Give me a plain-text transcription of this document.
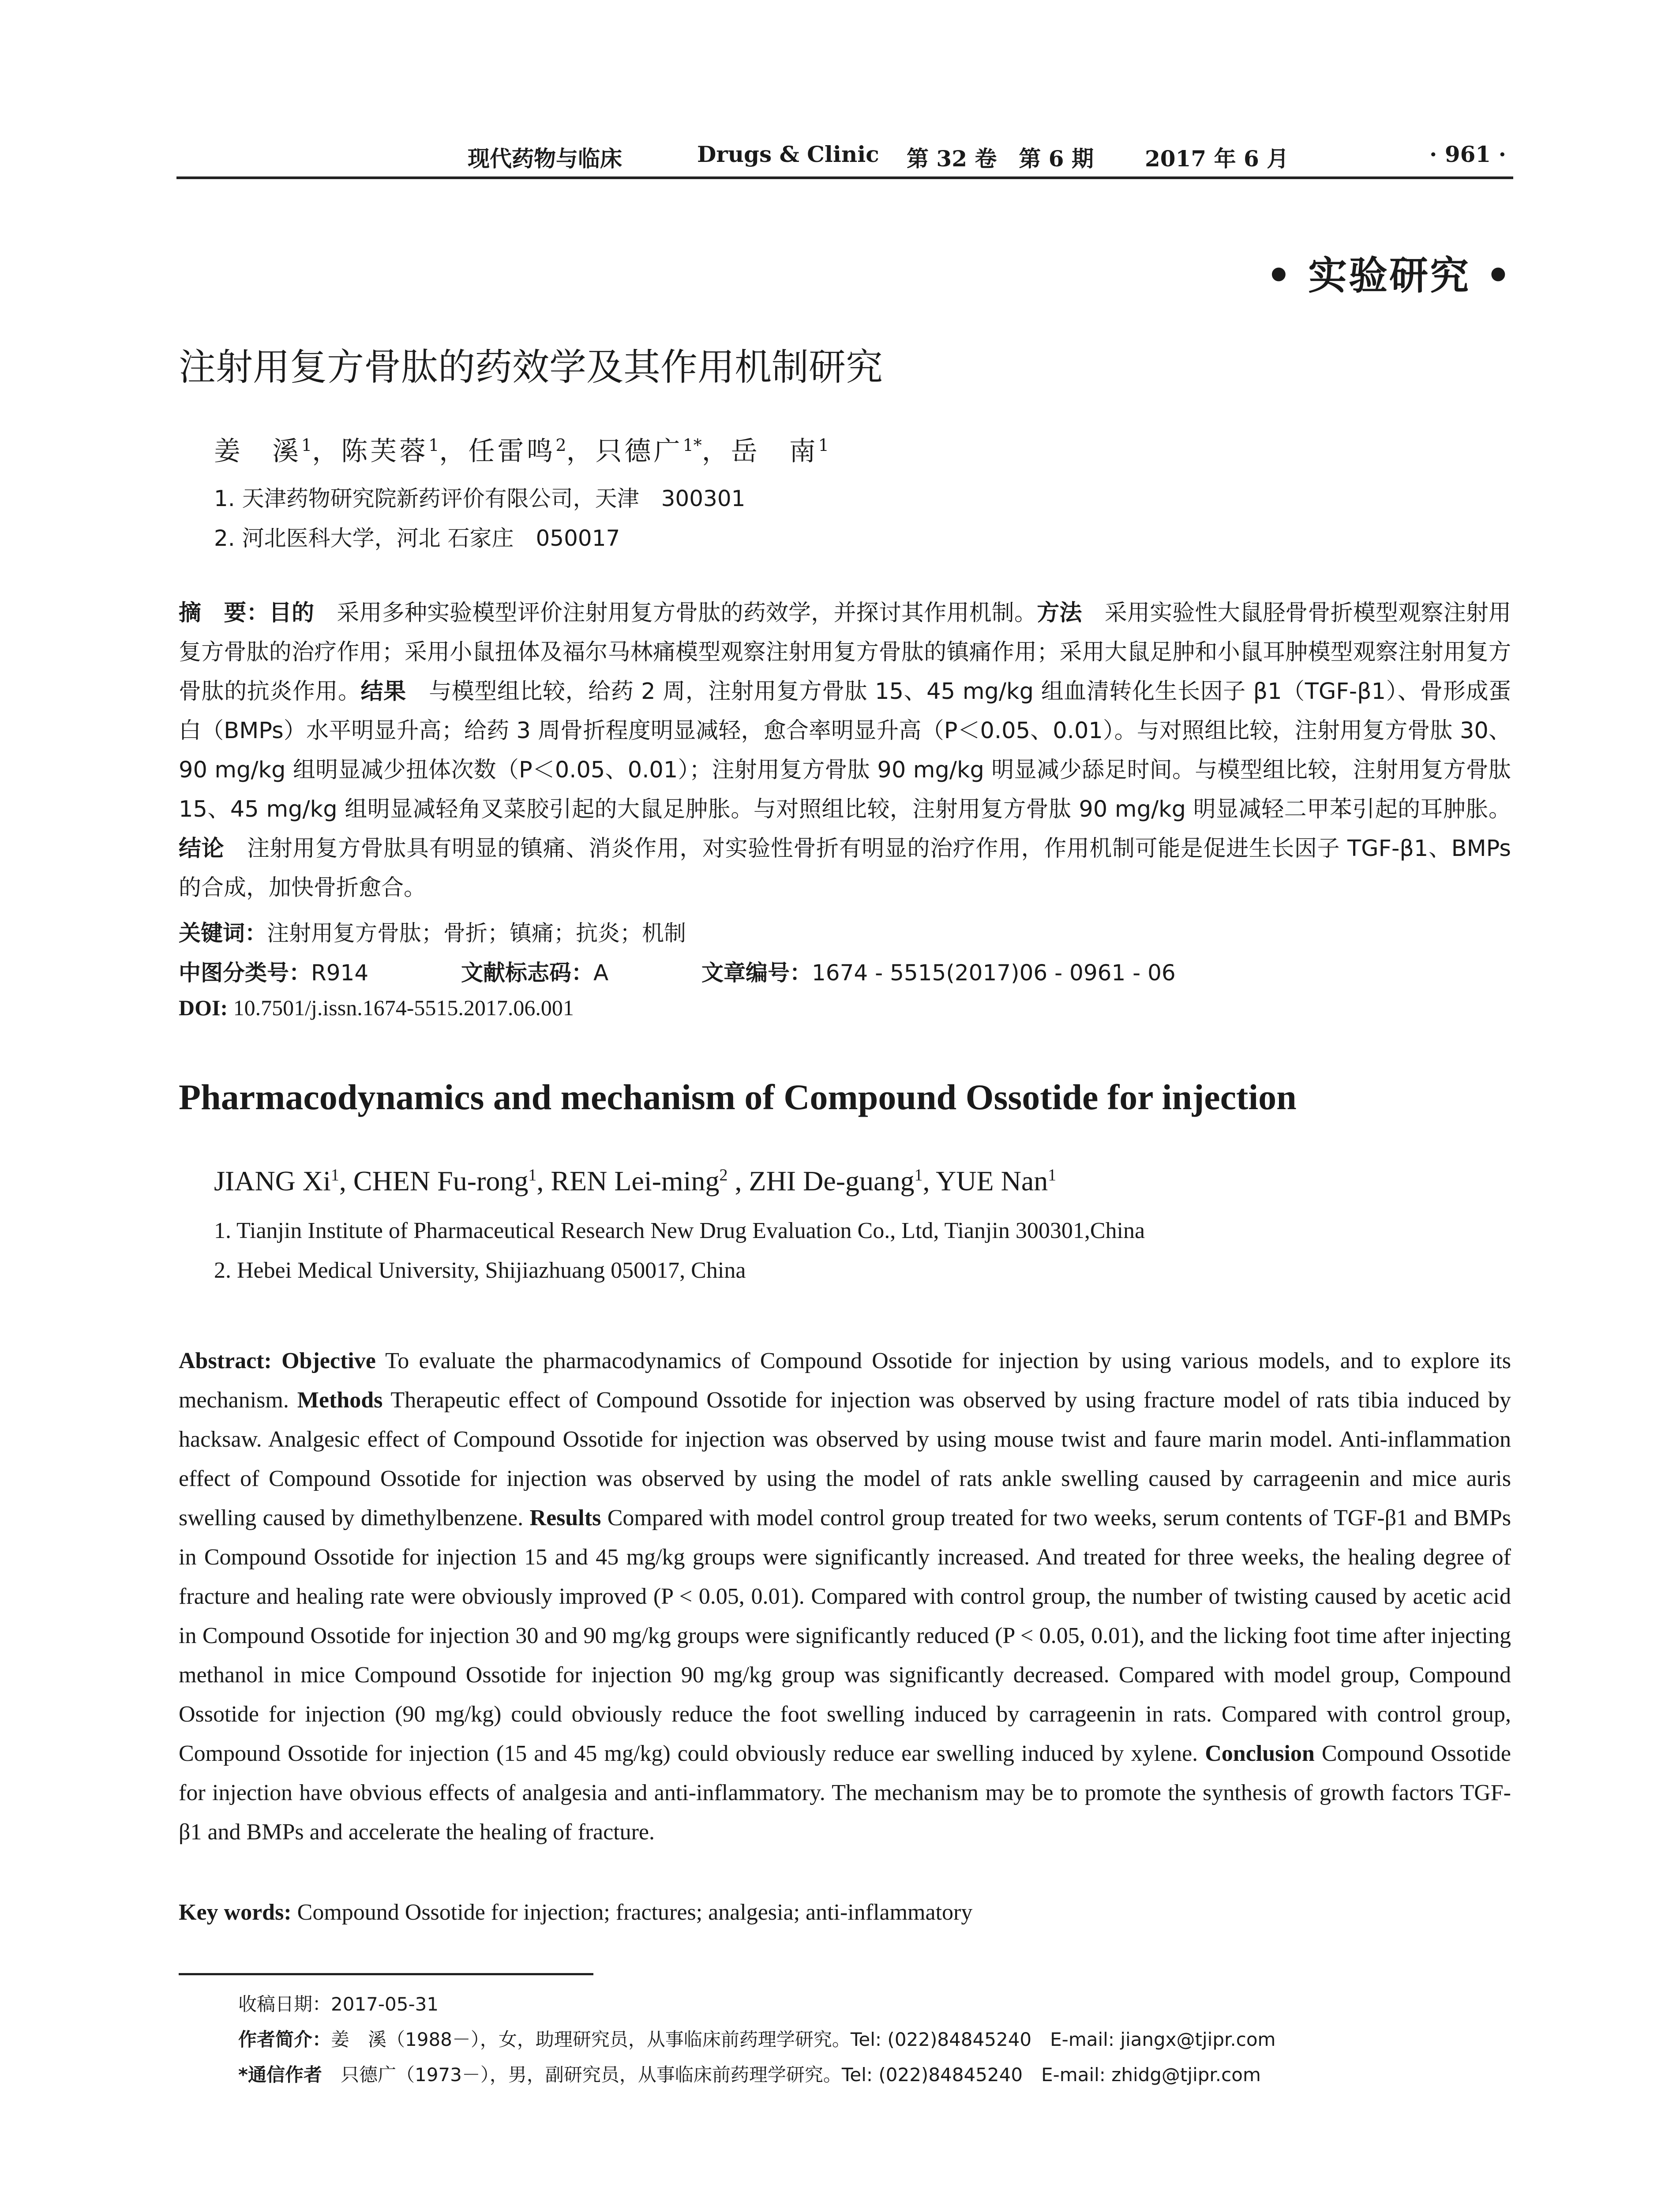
现代药物与临床	Drugs & Clinic 第 32 卷　第 6 期 2017 年 6 月	· 961 ·
• 实验研究 •
注射用复方骨肽的药效学及其作用机制研究
姜　溪$^1$，陈芙蓉$^1$，任雷鸣$^2$，只德广$^{1*}$，岳　南$^1$
1. 天津药物研究院新药评价有限公司，天津　300301
2. 河北医科大学，河北 石家庄　050017
摘　要：目的　采用多种实验模型评价注射用复方骨肽的药效学，并探讨其作用机制。方法　采用实验性大鼠胫骨骨折模型观察注射用复方骨肽的治疗作用；采用小鼠扭体及福尔马林痛模型观察注射用复方骨肽的镇痛作用；采用大鼠足肿和小鼠耳肿模型观察注射用复方骨肽的抗炎作用。结果　与模型组比较，给药 2 周，注射用复方骨肽 15、45 mg/kg 组血清转化生长因子 β1（TGF-β1）、骨形成蛋白（BMPs）水平明显升高；给药 3 周骨折程度明显减轻，愈合率明显升高（P＜0.05、0.01）。与对照组比较，注射用复方骨肽 30、90 mg/kg 组明显减少扭体次数（P＜0.05、0.01）；注射用复方骨肽 90 mg/kg 明显减少舔足时间。与模型组比较，注射用复方骨肽 15、45 mg/kg 组明显减轻角叉菜胶引起的大鼠足肿胀。与对照组比较，注射用复方骨肽 90 mg/kg 明显减轻二甲苯引起的耳肿胀。结论　注射用复方骨肽具有明显的镇痛、消炎作用，对实验性骨折有明显的治疗作用，作用机制可能是促进生长因子 TGF-β1、BMPs 的合成，加快骨折愈合。
关键词：注射用复方骨肽；骨折；镇痛；抗炎；机制
中图分类号：R914	文献标志码：A	文章编号：1674 - 5515(2017)06 - 0961 - 06
DOI: 10.7501/j.issn.1674-5515.2017.06.001
Pharmacodynamics and mechanism of Compound Ossotide for injection
JIANG Xi$^1$, CHEN Fu-rong$^1$, REN Lei-ming$^2$ , ZHI De-guang$^1$, YUE Nan$^1$
1. Tianjin Institute of Pharmaceutical Research New Drug Evaluation Co., Ltd, Tianjin 300301,China
2. Hebei Medical University, Shijiazhuang 050017, China
Abstract: Objective To evaluate the pharmacodynamics of Compound Ossotide for injection by using various models, and to explore its mechanism. Methods Therapeutic effect of Compound Ossotide for injection was observed by using fracture model of rats tibia induced by hacksaw. Analgesic effect of Compound Ossotide for injection was observed by using mouse twist and faure marin model. Anti-inflammation effect of Compound Ossotide for injection was observed by using the model of rats ankle swelling caused by carrageenin and mice auris swelling caused by dimethylbenzene. Results Compared with model control group treated for two weeks, serum contents of TGF-β1 and BMPs in Compound Ossotide for injection 15 and 45 mg/kg groups were significantly increased. And treated for three weeks, the healing degree of fracture and healing rate were obviously improved (P < 0.05, 0.01). Compared with control group, the number of twisting caused by acetic acid in Compound Ossotide for injection 30 and 90 mg/kg groups were significantly reduced (P < 0.05, 0.01), and the licking foot time after injecting methanol in mice Compound Ossotide for injection 90 mg/kg group was significantly decreased. Compared with model group, Compound Ossotide for injection (90 mg/kg) could obviously reduce the foot swelling induced by carrageenin in rats. Compared with control group, Compound Ossotide for injection (15 and 45 mg/kg) could obviously reduce ear swelling induced by xylene. Conclusion Compound Ossotide for injection have obvious effects of analgesia and anti-inflammatory. The mechanism may be to promote the synthesis of growth factors TGF-β1 and BMPs and accelerate the healing of fracture.
Key words: Compound Ossotide for injection; fractures; analgesia; anti-inflammatory
收稿日期：2017-05-31
作者简介：姜　溪（1988－），女，助理研究员，从事临床前药理学研究。Tel: (022)84845240　E-mail: jiangx@tjipr.com
*通信作者　只德广（1973－），男，副研究员，从事临床前药理学研究。Tel: (022)84845240　E-mail: zhidg@tjipr.com
